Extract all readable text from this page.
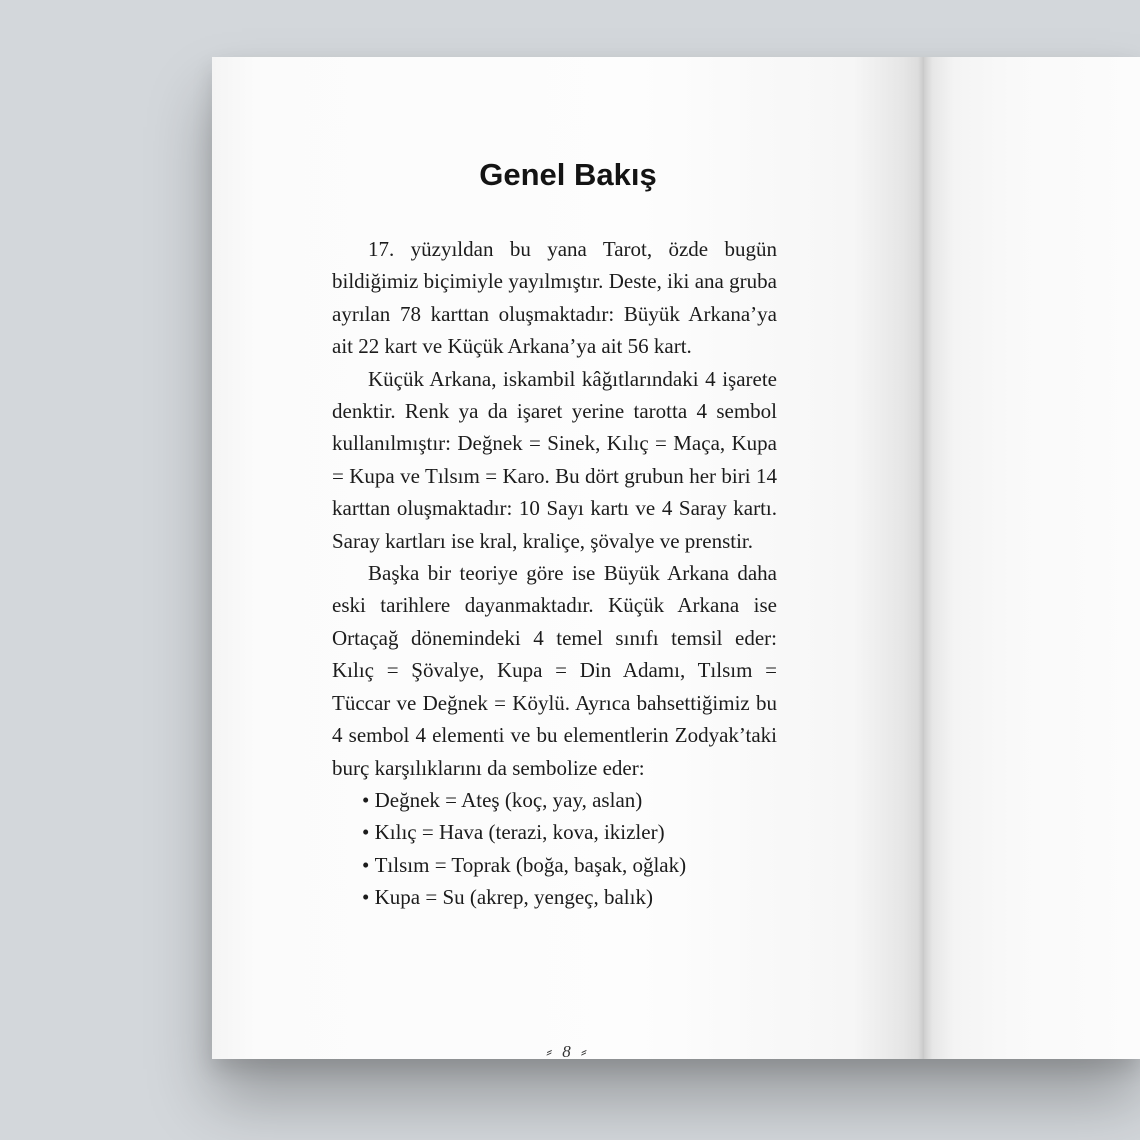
Genel Bakış

17. yüzyıldan bu yana Tarot, özde bugün bildiğimiz biçimiyle yayılmıştır. Deste, iki ana gruba ayrılan 78 karttan oluşmaktadır: Büyük Arkana’ya ait 22 kart ve Küçük Arkana’ya ait 56 kart.

Küçük Arkana, iskambil kâğıtlarındaki 4 işarete denktir. Renk ya da işaret yerine tarotta 4 sembol kullanılmıştır: Değnek = Sinek, Kılıç = Maça, Kupa = Kupa ve Tılsım = Karo. Bu dört grubun her biri 14 karttan oluşmaktadır: 10 Sayı kartı ve 4 Saray kartı. Saray kartları ise kral, kraliçe, şövalye ve prenstir.

Başka bir teoriye göre ise Büyük Arkana daha eski tarihlere dayanmaktadır. Küçük Arkana ise Ortaçağ dönemindeki 4 temel sınıfı temsil eder: Kılıç = Şövalye, Kupa = Din Adamı, Tılsım = Tüccar ve Değnek = Köylü. Ayrıca bahsettiğimiz bu 4 sembol 4 elementi ve bu elementlerin Zodyak’taki burç karşılıklarını da sembolize eder:

• Değnek = Ateş (koç, yay, aslan)
• Kılıç = Hava (terazi, kova, ikizler)
• Tılsım = Toprak (boğa, başak, oğlak)
• Kupa = Su (akrep, yengeç, balık)
⸗ 8 ⸗
